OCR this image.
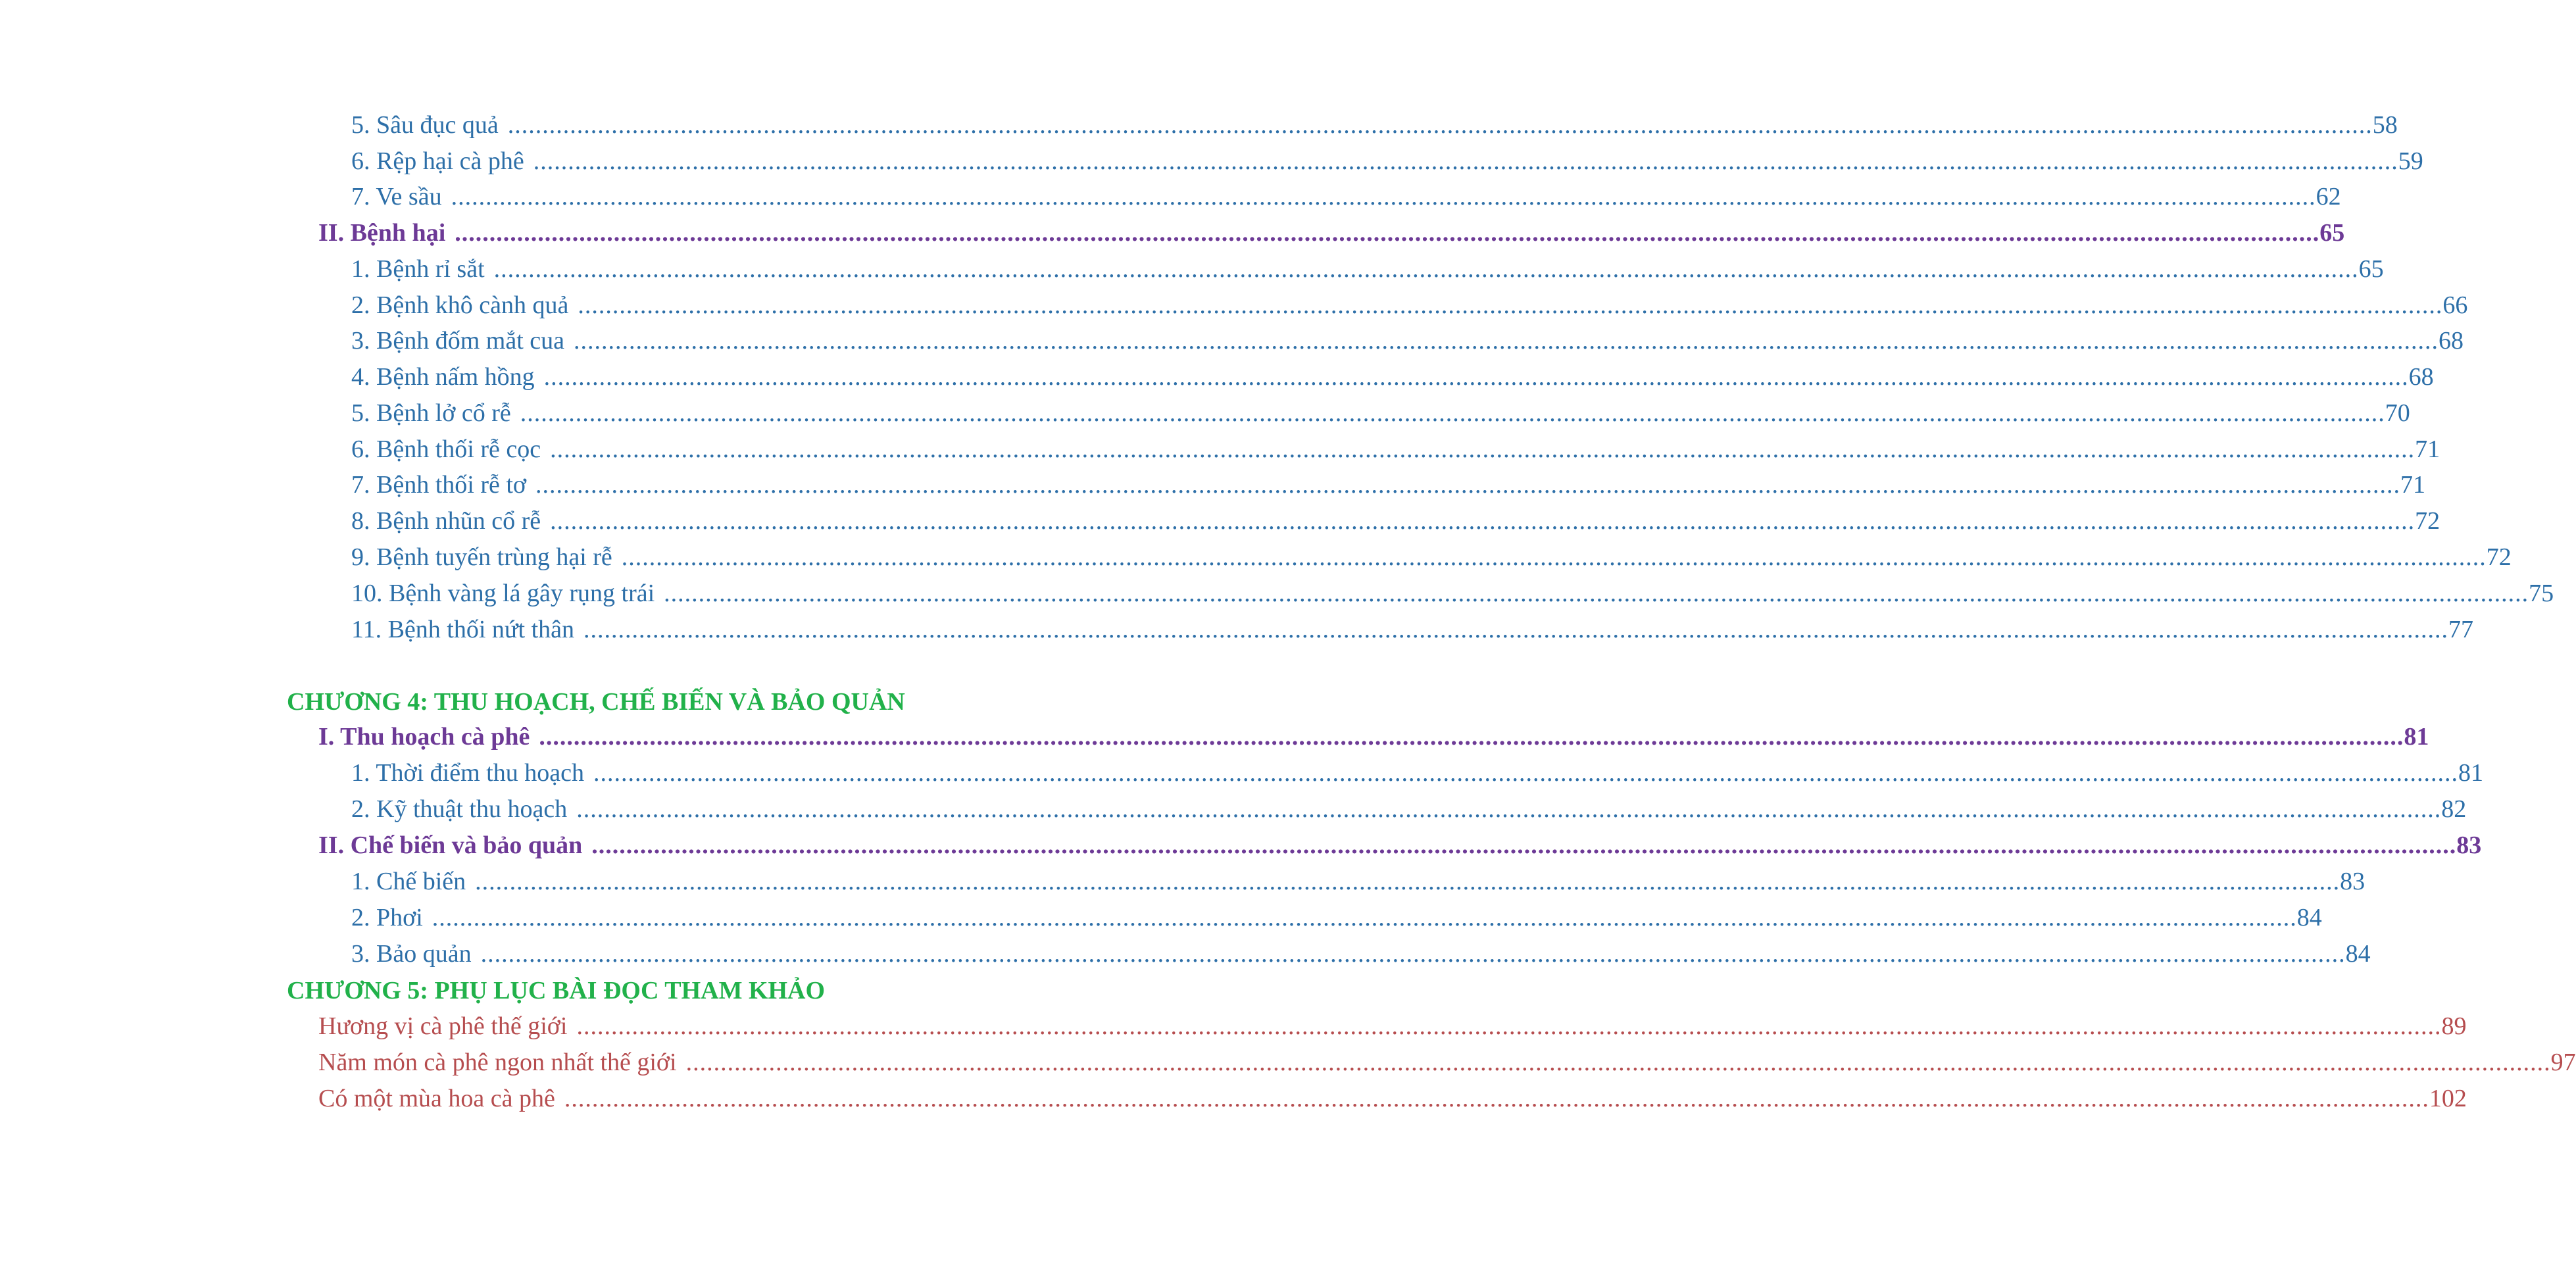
5. Sâu đục quả .............................................................................................................................................................................................................................................................................. 58
6. Rệp hại cà phê .............................................................................................................................................................................................................................................................................. 59
7. Ve sầu .............................................................................................................................................................................................................................................................................. 62
II. Bệnh hại .............................................................................................................................................................................................................................................................................. 65
1. Bệnh rỉ sắt .............................................................................................................................................................................................................................................................................. 65
2. Bệnh khô cành quả .............................................................................................................................................................................................................................................................................. 66
3. Bệnh đốm mắt cua .............................................................................................................................................................................................................................................................................. 68
4. Bệnh nấm hồng .............................................................................................................................................................................................................................................................................. 68
5. Bệnh lở cổ rễ .............................................................................................................................................................................................................................................................................. 70
6. Bệnh thối rễ cọc .............................................................................................................................................................................................................................................................................. 71
7. Bệnh thối rễ tơ .............................................................................................................................................................................................................................................................................. 71
8. Bệnh nhũn cổ rễ .............................................................................................................................................................................................................................................................................. 72
9. Bệnh tuyến trùng hại rễ .............................................................................................................................................................................................................................................................................. 72
10. Bệnh vàng lá gây rụng trái .............................................................................................................................................................................................................................................................................. 75
11. Bệnh thối nứt thân .............................................................................................................................................................................................................................................................................. 77
CHƯƠNG 4: THU HOẠCH, CHẾ BIẾN VÀ BẢO QUẢN
I. Thu hoạch cà phê .............................................................................................................................................................................................................................................................................. 81
1. Thời điểm thu hoạch .............................................................................................................................................................................................................................................................................. 81
2. Kỹ thuật thu hoạch .............................................................................................................................................................................................................................................................................. 82
II. Chế biến và bảo quản .............................................................................................................................................................................................................................................................................. 83
1. Chế biến .............................................................................................................................................................................................................................................................................. 83
2. Phơi .............................................................................................................................................................................................................................................................................. 84
3. Bảo quản .............................................................................................................................................................................................................................................................................. 84
CHƯƠNG 5: PHỤ LỤC BÀI ĐỌC THAM KHẢO
Hương vị cà phê thế giới .............................................................................................................................................................................................................................................................................. 89
Năm món cà phê ngon nhất thế giới .............................................................................................................................................................................................................................................................................. 97
Có một mùa hoa cà phê .............................................................................................................................................................................................................................................................................. 102
